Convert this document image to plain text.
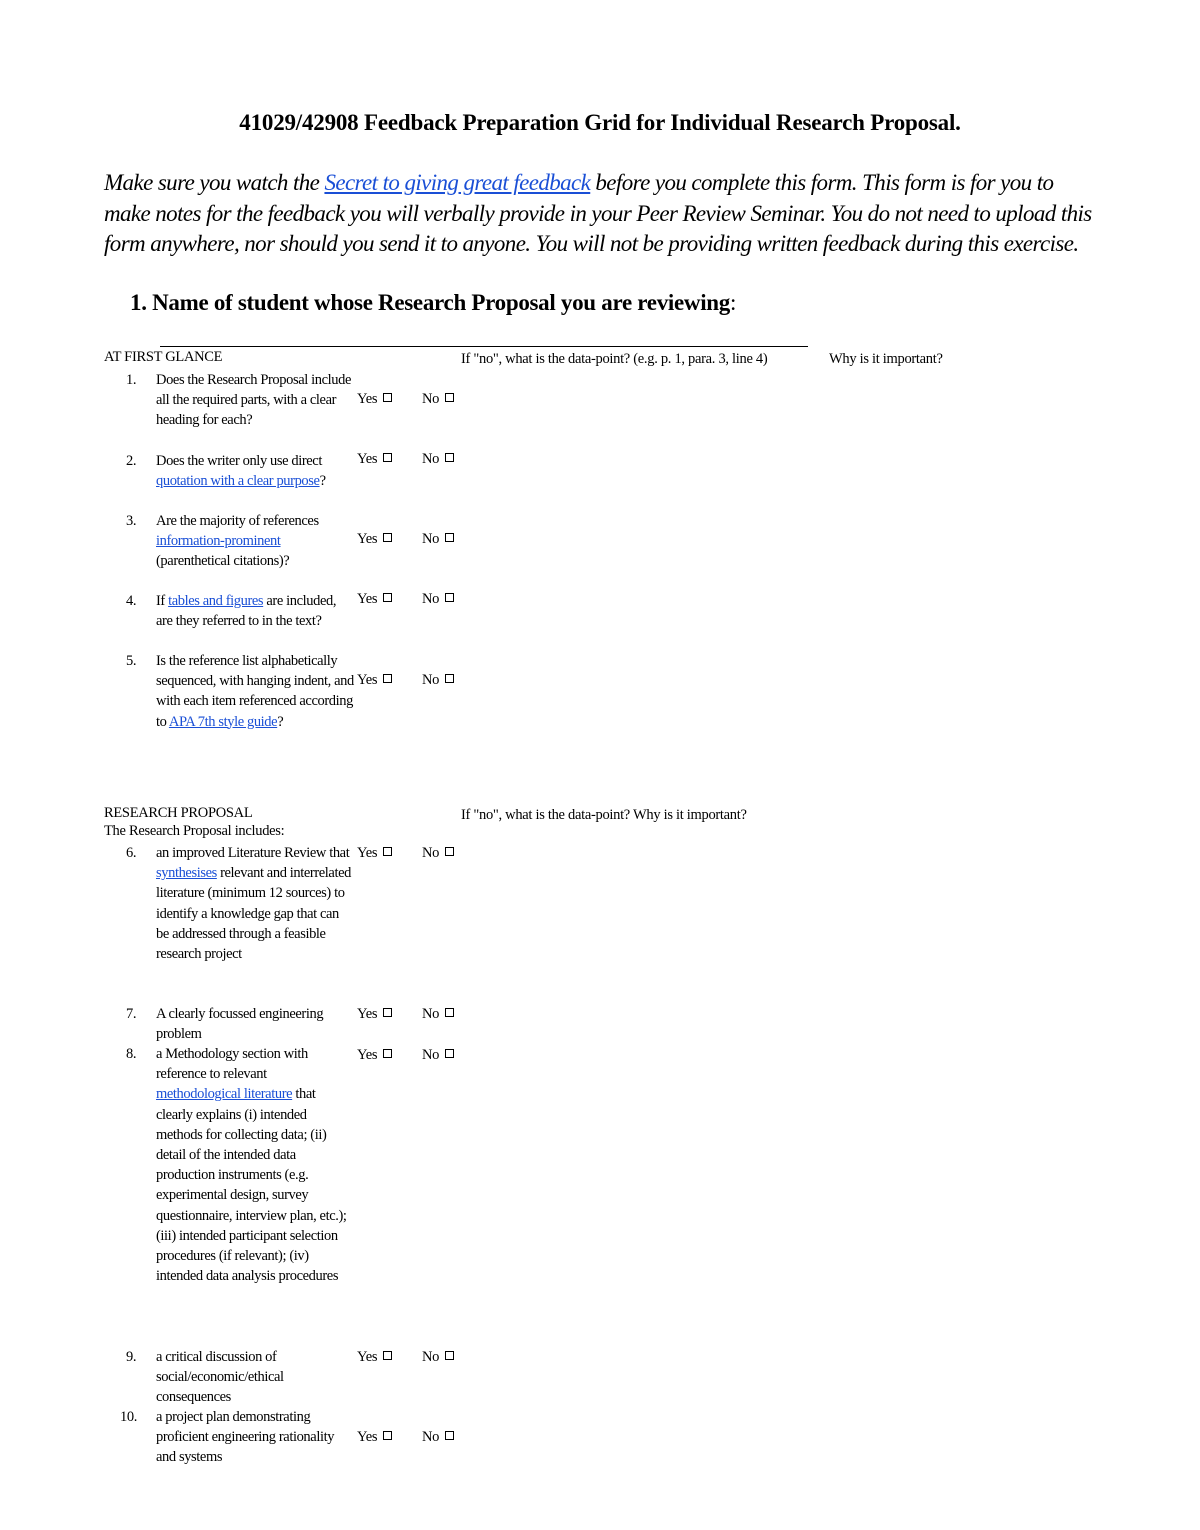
41029/42908 Feedback Preparation Grid for Individual Research Proposal.
Make sure you watch the Secret to giving great feedback before you complete this form. This form is for you to make notes for the feedback you will verbally provide in your Peer Review Seminar. You do not need to upload this form anywhere, nor should you send it to anyone. You will not be providing written feedback during this exercise.
1. Name of student whose Research Proposal you are reviewing:
AT FIRST GLANCE	If "no", what is the data-point? (e.g. p. 1, para. 3, line 4)	Why is it important?
1.	Does the Research Proposal include all the required parts, with a clear heading for each?
Yes	No
2.	Does the writer only use direct quotation with a clear purpose?
Yes	No
3.	Are the majority of references information-prominent (parenthetical citations)?
Yes	No
4.	If tables and figures are included, are they referred to in the text?
Yes	No
5.	Is the reference list alphabetically sequenced, with hanging indent, and with each item referenced according to APA 7th style guide?
Yes	No
RESEARCH PROPOSAL
The Research Proposal includes:
If "no", what is the data-point? Why is it important?
6.	an improved Literature Review that synthesises relevant and interrelated literature (minimum 12 sources) to identify a knowledge gap that can be addressed through a feasible research project
Yes	No
7.	A clearly focussed engineering problem
Yes	No
8.	a Methodology section with reference to relevant methodological literature that clearly explains (i) intended methods for collecting data; (ii) detail of the intended data production instruments (e.g. experimental design, survey questionnaire, interview plan, etc.); (iii) intended participant selection procedures (if relevant); (iv) intended data analysis procedures
Yes	No
9.	a critical discussion of social/economic/ethical consequences
Yes	No
10.	a project plan demonstrating proficient engineering rationality and systems
Yes	No
